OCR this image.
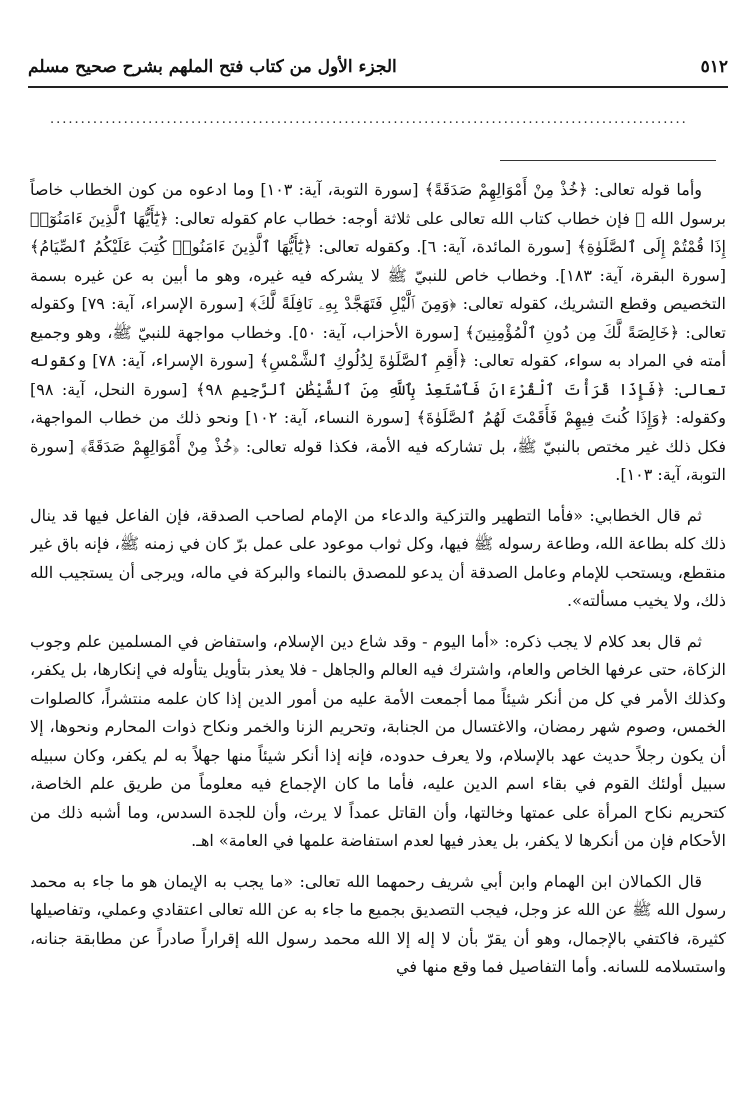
٥١٢
الجزء الأول من كتاب فتح الملهم بشرح صحيح مسلم
........................................................................................................

وأما قوله تعالى: ﴿خُذْ مِنْ أَمْوَالِهِمْ صَدَقَةً﴾ [سورة التوبة، آية: ١٠٣] وما ادعوه من كون الخطاب خاصاً برسول الله ﷺ فإن خطاب كتاب الله تعالى على ثلاثة أوجه: خطاب عام كقوله تعالى: ﴿يَٰٓأَيُّهَا ٱلَّذِينَ ءَامَنُوٓا۟ إِذَا قُمْتُمْ إِلَى ٱلصَّلَوٰةِ﴾ [سورة المائدة، آية: ٦]. وكقوله تعالى: ﴿يَٰٓأَيُّهَا ٱلَّذِينَ ءَامَنُوا۟ كُتِبَ عَلَيْكُمُ ٱلصِّيَامُ﴾ [سورة البقرة، آية: ١٨٣]. وخطاب خاص للنبيّ ﷺ لا يشركه فيه غيره، وهو ما أبين به عن غيره بسمة التخصيص وقطع التشريك، كقوله تعالى: ﴿وَمِنَ ٱلَّيْلِ فَتَهَجَّدْ بِهِۦ نَافِلَةً لَّكَ﴾ [سورة الإسراء، آية: ٧٩] وكقوله تعالى: ﴿خَالِصَةً لَّكَ مِن دُونِ ٱلْمُؤْمِنِينَ﴾ [سورة الأحزاب، آية: ٥٠]. وخطاب مواجهة للنبيّ ﷺ، وهو وجميع أمته في المراد به سواء، كقوله تعالى: ﴿أَقِمِ ٱلصَّلَوٰةَ لِدُلُوكِ ٱلشَّمْسِ﴾ [سورة الإسراء، آية: ٧٨] وكقوله تعالى: ﴿فَإِذَا قَرَأْتَ ٱلْقُرْءَانَ فَٱسْتَعِذْ بِٱللَّهِ مِنَ ٱلشَّيْطَٰنِ ٱلرَّجِيمِ ٩٨﴾ [سورة النحل، آية: ٩٨] وكقوله: ﴿وَإِذَا كُنتَ فِيهِمْ فَأَقَمْتَ لَهُمُ ٱلصَّلَوٰةَ﴾ [سورة النساء، آية: ١٠٢] ونحو ذلك من خطاب المواجهة، فكل ذلك غير مختص بالنبيّ ﷺ، بل تشاركه فيه الأمة، فكذا قوله تعالى: ﴿خُذْ مِنْ أَمْوَالِهِمْ صَدَقَةً﴾ [سورة التوبة، آية: ١٠٣].

ثم قال الخطابي: «فأما التطهير والتزكية والدعاء من الإمام لصاحب الصدقة، فإن الفاعل فيها قد ينال ذلك كله بطاعة الله، وطاعة رسوله ﷺ فيها، وكل ثواب موعود على عمل برّ كان في زمنه ﷺ، فإنه باق غير منقطع، ويستحب للإمام وعامل الصدقة أن يدعو للمصدق بالنماء والبركة في ماله، ويرجى أن يستجيب الله ذلك، ولا يخيب مسألته».

ثم قال بعد كلام لا يجب ذكره: «أما اليوم - وقد شاع دين الإسلام، واستفاض في المسلمين علم وجوب الزكاة، حتى عرفها الخاص والعام، واشترك فيه العالم والجاهل - فلا يعذر بتأويل يتأوله في إنكارها، بل يكفر، وكذلك الأمر في كل من أنكر شيئاً مما أجمعت الأمة عليه من أمور الدين إذا كان علمه منتشراً، كالصلوات الخمس، وصوم شهر رمضان، والاغتسال من الجنابة، وتحريم الزنا والخمر ونكاح ذوات المحارم ونحوها، إلا أن يكون رجلاً حديث عهد بالإسلام، ولا يعرف حدوده، فإنه إذا أنكر شيئاً منها جهلاً به لم يكفر، وكان سبيله سبيل أولئك القوم في بقاء اسم الدين عليه، فأما ما كان الإجماع فيه معلوماً من طريق علم الخاصة، كتحريم نكاح المرأة على عمتها وخالتها، وأن القاتل عمداً لا يرث، وأن للجدة السدس، وما أشبه ذلك من الأحكام فإن من أنكرها لا يكفر، بل يعذر فيها لعدم استفاضة علمها في العامة» اهـ.

قال الكمالان ابن الهمام وابن أبي شريف رحمهما الله تعالى: «ما يجب به الإيمان هو ما جاء به محمد رسول الله ﷺ عن الله عز وجل، فيجب التصديق بجميع ما جاء به عن الله تعالى اعتقادي وعملي، وتفاصيلها كثيرة، فاكتفي بالإجمال، وهو أن يقرّ بأن لا إله إلا الله محمد رسول الله إقراراً صادراً عن مطابقة جنانه، واستسلامه للسانه. وأما التفاصيل فما وقع منها في
